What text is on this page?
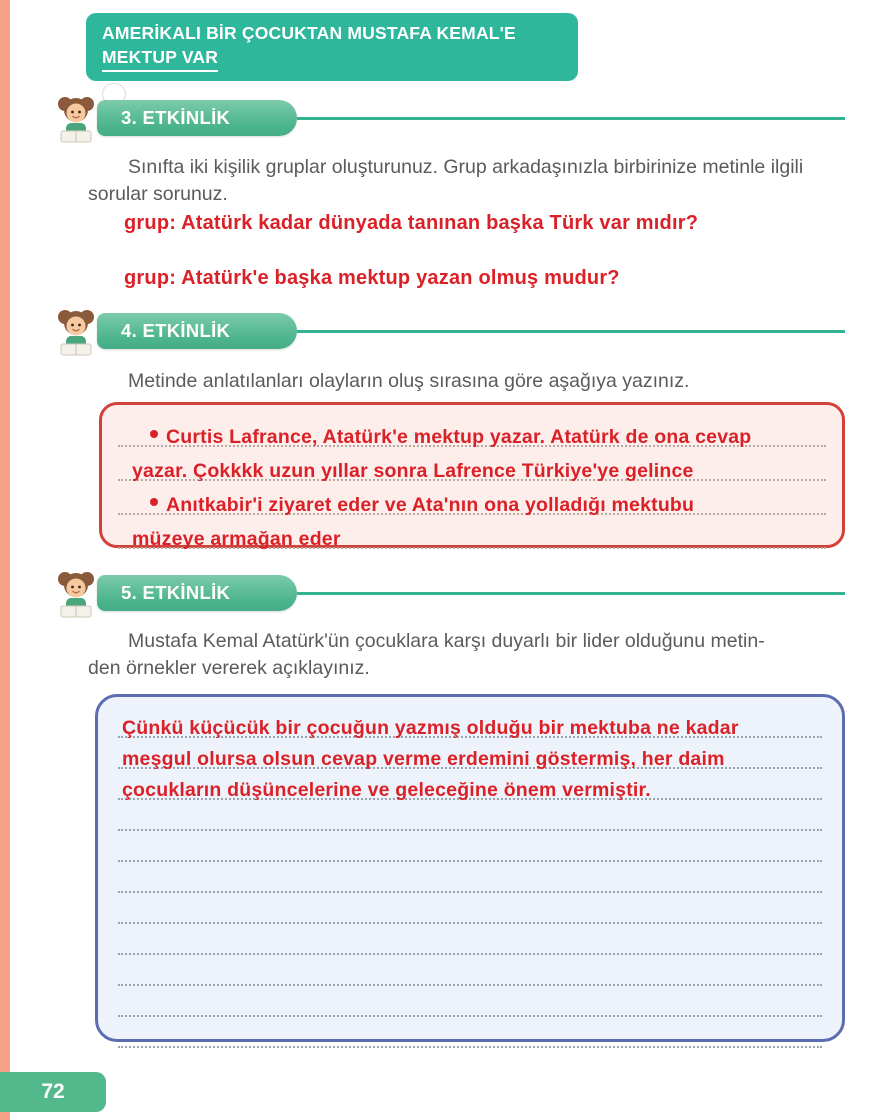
AMERİKALI BİR ÇOCUKTAN MUSTAFA KEMAL'E
MEKTUP VAR
3. ETKİNLİK

Sınıfta iki kişilik gruplar oluşturunuz. Grup arkadaşınızla birbirinize metinle ilgili sorular sorunuz.

grup: Atatürk kadar dünyada tanınan başka Türk var mıdır?
grup: Atatürk'e başka mektup yazan olmuş mudur?
4. ETKİNLİK

Metinde anlatılanları olayların oluş sırasına göre aşağıya yazınız.

Curtis Lafrance, Atatürk'e mektup yazar. Atatürk de ona cevap
yazar. Çokkkk uzun yıllar sonra Lafrence Türkiye'ye gelince
Anıtkabir'i ziyaret eder ve Ata'nın ona yolladığı mektubu
müzeye armağan eder
5. ETKİNLİK

Mustafa Kemal Atatürk'ün çocuklara karşı duyarlı bir lider olduğunu metin-
den örnekler vererek açıklayınız.

Çünkü küçücük bir çocuğun yazmış olduğu bir mektuba ne kadar
meşgul olursa olsun cevap verme erdemini göstermiş, her daim
çocukların düşüncelerine ve geleceğine önem vermiştir.
72
